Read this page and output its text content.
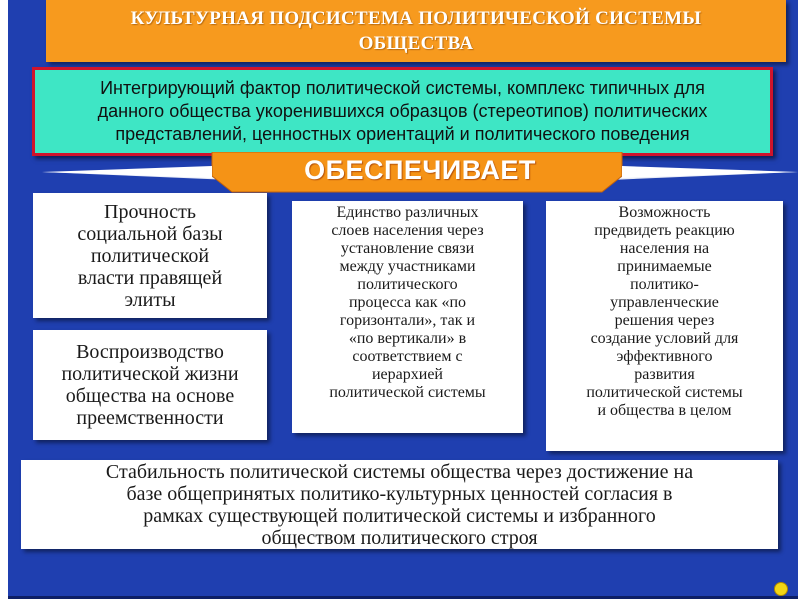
КУЛЬТУРНАЯ ПОДСИСТЕМА ПОЛИТИЧЕСКОЙ СИСТЕМЫ
ОБЩЕСТВА
Интегрирующий фактор политической системы, комплекс типичных для
данного общества укоренившихся образцов (стереотипов) политических
представлений, ценностных ориентаций и политического поведения
ОБЕСПЕЧИВАЕТ
Прочность
социальной базы
политической
власти правящей
элиты
Воспроизводство
политической жизни
общества на основе
преемственности
Единство различных
слоев населения через
установление связи
между участниками
политического
процесса как «по
горизонтали», так и
«по вертикали» в
соответствием с
иерархией
политической системы
Возможность
предвидеть реакцию
населения на
принимаемые
политико-
управленческие
решения через
создание условий для
эффективного
развития
политической системы
и общества в целом
Стабильность политической системы общества через достижение на
базе общепринятых политико-культурных ценностей согласия в
рамках существующей политической системы и избранного
обществом политического строя
